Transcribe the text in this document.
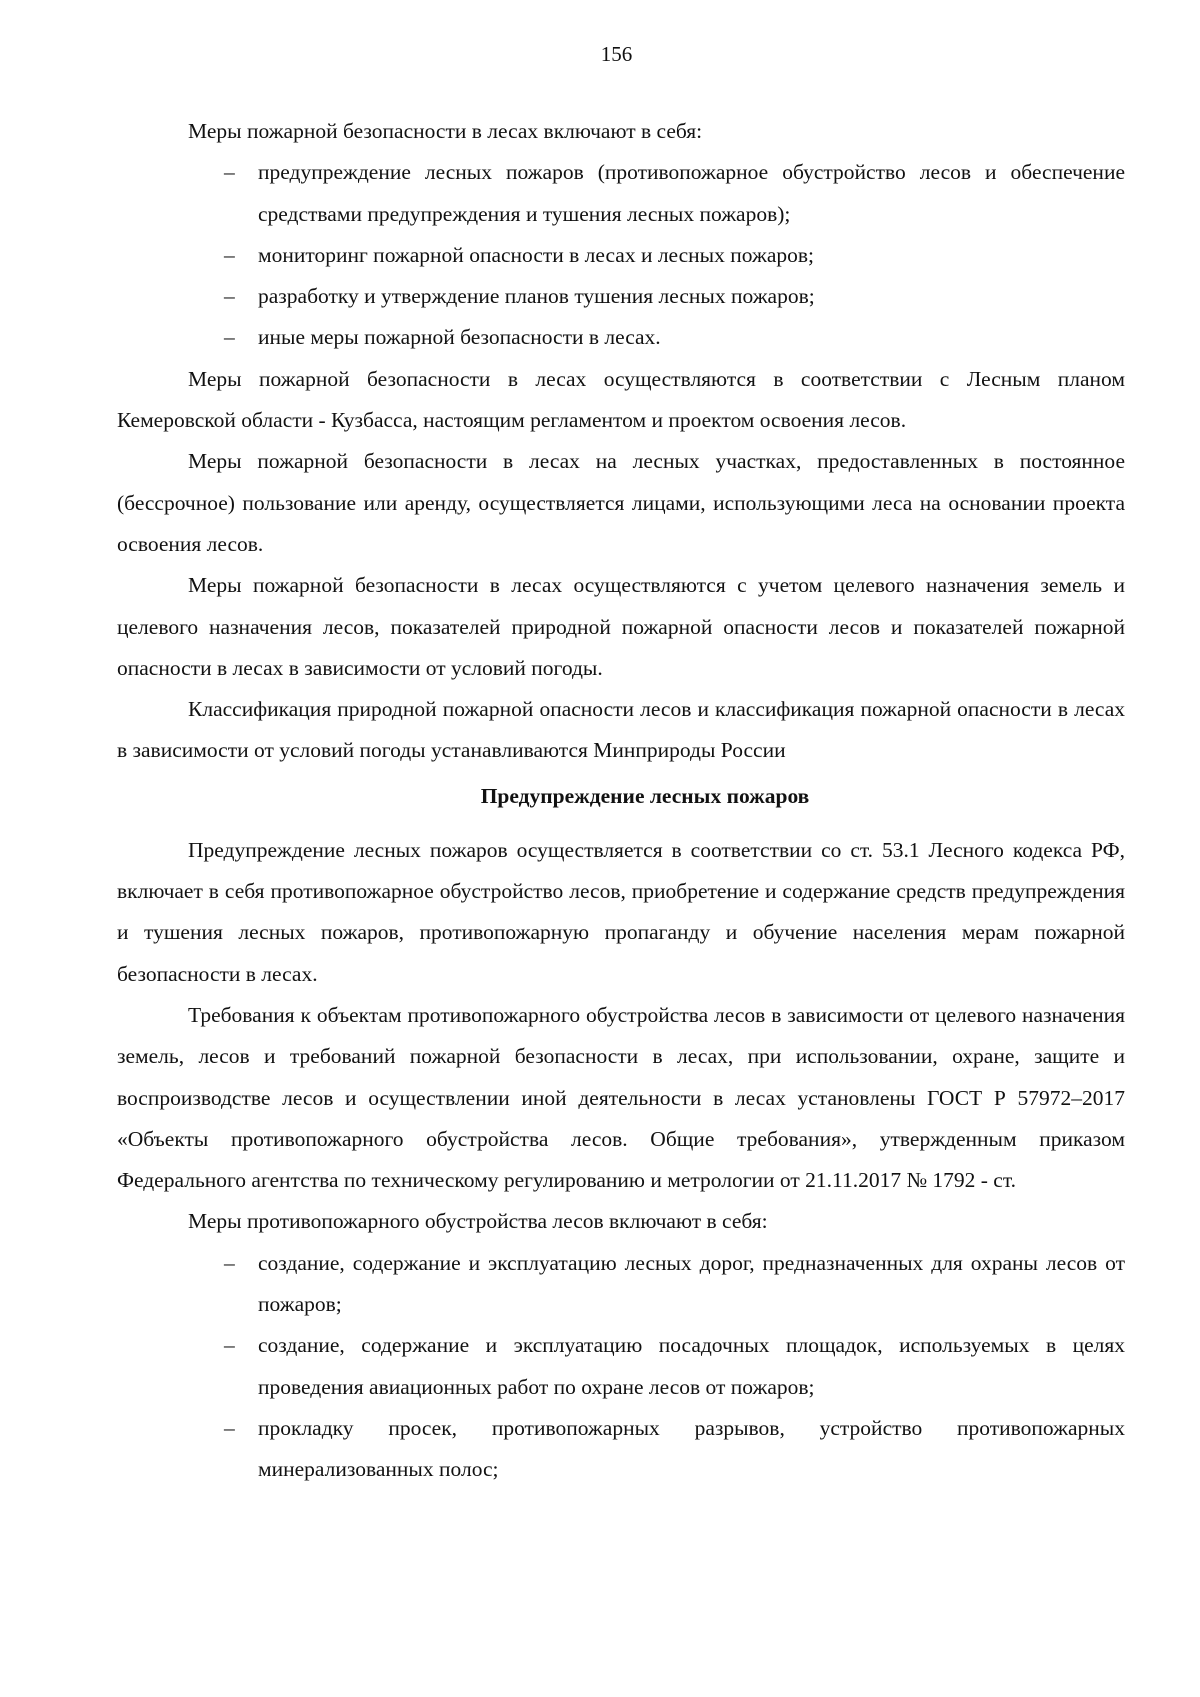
156

Меры пожарной безопасности в лесах включают в себя:

– предупреждение лесных пожаров (противопожарное обустройство лесов и обеспечение средствами предупреждения и тушения лесных пожаров);
– мониторинг пожарной опасности в лесах и лесных пожаров;
– разработку и утверждение планов тушения лесных пожаров;
– иные меры пожарной безопасности в лесах.

Меры пожарной безопасности в лесах осуществляются в соответствии с Лесным планом Кемеровской области - Кузбасса, настоящим регламентом и проектом освоения лесов.

Меры пожарной безопасности в лесах на лесных участках, предоставленных в постоянное (бессрочное) пользование или аренду, осуществляется лицами, использующими леса на основании проекта освоения лесов.

Меры пожарной безопасности в лесах осуществляются с учетом целевого назначения земель и целевого назначения лесов, показателей природной пожарной опасности лесов и показателей пожарной опасности в лесах в зависимости от условий погоды.

Классификация природной пожарной опасности лесов и классификация пожарной опасности в лесах в зависимости от условий погоды устанавливаются Минприроды России

Предупреждение лесных пожаров

Предупреждение лесных пожаров осуществляется в соответствии со ст. 53.1 Лесного кодекса РФ, включает в себя противопожарное обустройство лесов, приобретение и содержание средств предупреждения и тушения лесных пожаров, противопожарную пропаганду и обучение населения мерам пожарной безопасности в лесах.

Требования к объектам противопожарного обустройства лесов в зависимости от целевого назначения земель, лесов и требований пожарной безопасности в лесах, при использовании, охране, защите и воспроизводстве лесов и осуществлении иной деятельности в лесах установлены ГОСТ Р 57972–2017 «Объекты противопожарного обустройства лесов. Общие требования», утвержденным приказом Федерального агентства по техническому регулированию и метрологии от 21.11.2017 № 1792 - ст.

Меры противопожарного обустройства лесов включают в себя:

– создание, содержание и эксплуатацию лесных дорог, предназначенных для охраны лесов от пожаров;
– создание, содержание и эксплуатацию посадочных площадок, используемых в целях проведения авиационных работ по охране лесов от пожаров;
– прокладку просек, противопожарных разрывов, устройство противопожарных минерализованных полос;
